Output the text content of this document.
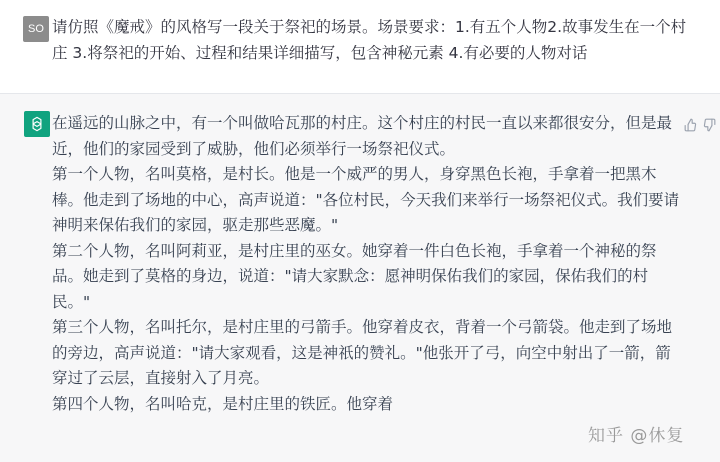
SO 请仿照《魔戒》的风格写一段关于祭祀的场景。场景要求：1.有五个人物2.故事发生在一个村
庄 3.将祭祀的开始、过程和结果详细描写，包含神秘元素 4.有必要的人物对话

在遥远的山脉之中，有一个叫做哈瓦那的村庄。这个村庄的村民一直以来都很安分，但是最

近，他们的家园受到了威胁，他们必须举行一场祭祀仪式。

第一个人物，名叫莫格，是村长。他是一个威严的男人，身穿黑色长袍，手拿着一把黑木

棒。他走到了场地的中心，高声说道："各位村民，今天我们来举行一场祭祀仪式。我们要请

神明来保佑我们的家园，驱走那些恶魔。"

第二个人物，名叫阿莉亚，是村庄里的巫女。她穿着一件白色长袍，手拿着一个神秘的祭

品。她走到了莫格的身边，说道："请大家默念：愿神明保佑我们的家园，保佑我们的村

民。"

第三个人物，名叫托尔，是村庄里的弓箭手。他穿着皮衣，背着一个弓箭袋。他走到了场地

的旁边，高声说道："请大家观看，这是神祇的赞礼。"他张开了弓，向空中射出了一箭，箭

穿过了云层，直接射入了月亮。

第四个人物，名叫哈克，是村庄里的铁匠。他穿着

知乎 @休复
